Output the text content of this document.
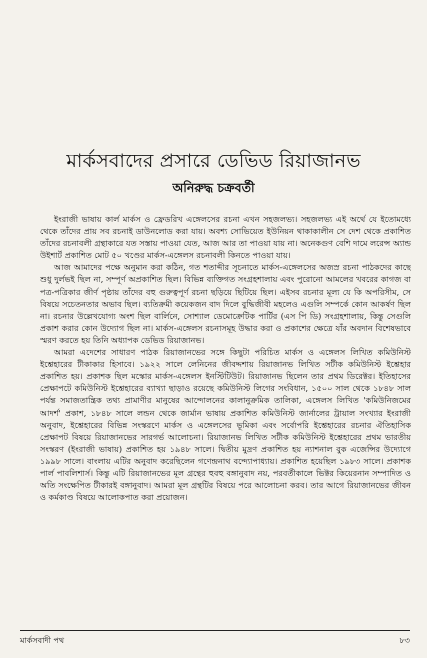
মার্কসবাদের প্রসারে ডেভিড রিয়াজানভ
অনিরুদ্ধ চক্রবর্তী

ইংরাজী ভাষায় কার্ল মার্কস ও ফ্রেডরিখ এঙ্গেলসের রচনা এখন সহজলভ্য। সহজলভ্য এই অর্থে যে ইতোমধ্যে থেকে তাঁদের প্রায় সব রচনাই ডাউনলোড করা যায়। অবশ্য সোভিয়েত ইউনিয়ন থাকাকালীন সে দেশ থেকে প্রকাশিত তাঁদের রচনাবলী গ্রন্থাকারে যত সস্তায় পাওয়া যেত, আজ আর তা পাওয়া যায় না। অনেকগুণ বেশি দামে লরেন্স অ্যান্ড উইশার্ট প্রকাশিত মোট ৫০ খণ্ডের মার্কস-এঙ্গেলস রচনাবলী কিনতে পাওয়া যায়।

আজ আমাদের পক্ষে অনুমান করা কঠিন, গত শতাব্দীর সূচনাতে মার্কস-এঙ্গেলসের অজস্র রচনা পাঠকদের কাছে শুধু দুর্লভই ছিল না, সম্পূর্ণ অপ্রকাশিত ছিল। বিভিন্ন ব্যক্তিগত সংগ্রহশালায় এবং পুরোনো আমলের খবরের কাগজ বা পত্র-পত্রিকার জীর্ণ পৃষ্ঠায় তাঁদের বহু গুরুত্বপূর্ণ রচনা ছড়িয়ে ছিটিয়ে ছিল। এইসব রচনার মূল্য যে কি অপরিসীম, সে বিষয়ে সচেতনতার অভাব ছিল। ব্যতিক্রমী কয়েকজন বাদ দিলে বুদ্ধিজীবী মহলেও এগুলি সম্পর্কে কোন আকর্ষণ ছিল না। রচনার উল্লেখযোগ্য অংশ ছিল বার্লিনে, সোশ্যাল ডেমোক্রেটিক পার্টির (এস পি ডি) সংগ্রহশালায়, কিন্তু সেগুলি প্রকাশ করার কোন উদ্যোগ ছিল না। মার্কস-এঙ্গেলস রচনাসমূহ উদ্ধার করা ও প্রকাশের ক্ষেত্রে যাঁর অবদান বিশেষভাবে স্মরণ করতে হয় তিনি অধ্যাপক ডেভিড রিয়াজানভ।

আমরা এদেশের সাধারণ পাঠক রিয়াজানভের সঙ্গে কিছুটা পরিচিত মার্কস ও এঙ্গেলস লিখিত কমিউনিস্ট ইশ্তেহারের টীকাকার হিসাবে। ১৯২২ সালে লেনিনের জীবদ্দশায় রিয়াজানভ লিখিত সটীক কমিউনিস্ট ইশ্তেহার প্রকাশিত হয়। প্রকাশক ছিল মস্কোর মার্কস-এঙ্গেলস ইনস্টিটিউট। রিয়াজানভ ছিলেন তার প্রথম ডিরেক্টর। ইতিহাসের প্রেক্ষাপটে কমিউনিস্ট ইশ্তেহারের ব্যাখ্যা ছাড়াও রয়েছে কমিউনিস্ট লিগের সংবিধান, ১৫০০ সাল থেকে ১৮৪৮ সাল পর্যন্ত সমাজতান্ত্রিক তথ্য প্রামাণীর মানুষের আন্দোলনের কালানুক্রমিক তালিকা, এঙ্গেলস লিখিত 'কমিউনিজমের আদর্শ' প্রকাশ, ১৮৪৮ সালে লন্ডন থেকে জার্মান ভাষায় প্রকাশিত কমিউনিস্ট জার্নালের ট্রায়াল সংখ্যার ইংরাজী অনুবাদ, ইশ্তেহারের বিভিন্ন সংস্করণে মার্কস ও এঙ্গেলসের ভূমিকা এবং সর্বোপরি ইশ্তেহারের রচনার ঐতিহাসিক প্রেক্ষাপট বিষয়ে রিয়াজানভের সারগর্ভ আলোচনা। রিয়াজানভ লিখিত সটীক কমিউনিস্ট ইশ্তেহারের প্রথম ভারতীয় সংস্করণ (ইংরাজী ভাষায়) প্রকাশিত হয় ১৯৪৮ সালে। দ্বিতীয় মুদ্রণ প্রকাশিত হয় ন্যাশনাল বুক এজেন্সির উদ্যোগে ১৯৯৮ সালে। বাংলায় এটির অনুবাদ করেছিলেন গণেন্দ্রনাথ বন্দ্যোপাধ্যায়। প্রকাশিত হয়েছিল ১৯৮৩ সালে। প্রকাশক পার্ল পাবলিশার্স। কিন্তু এটি রিয়াজানভের মূল গ্রন্থের হুবহু বঙ্গানুবাদ নয়, পরবর্তীকালে ভিক্টর কিয়েরনান সম্পাদিত ও অতি সংক্ষেপিত টীকারই বঙ্গানুবাদ। আমরা মূল গ্রন্থটির বিষয়ে পরে আলোচনা করব। তার আগে রিয়াজানভের জীবন ও কর্মকাণ্ড বিষয়ে আলোকপাত করা প্রয়োজন।

মার্কসবাদী পথ	৮৩
